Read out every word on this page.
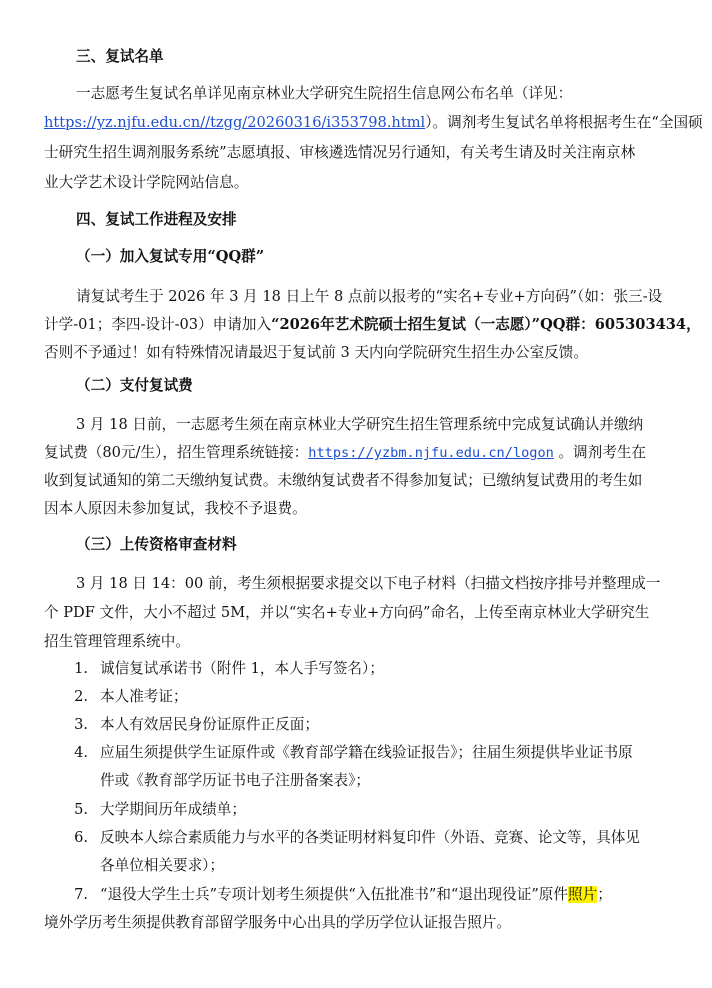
三、复试名单
一志愿考生复试名单详见南京林业大学研究生院招生信息网公布名单（详见：
https://yz.njfu.edu.cn//tzgg/20260316/i353798.html）。调剂考生复试名单将根据考生在“全国硕
士研究生招生调剂服务系统”志愿填报、审核遴选情况另行通知，有关考生请及时关注南京林
业大学艺术设计学院网站信息。
四、复试工作进程及安排
（一）加入复试专用“QQ群”
请复试考生于 2026 年 3 月 18 日上午 8 点前以报考的“实名+专业+方向码”（如：张三-设
计学-01；李四-设计-03）申请加入“2026年艺术院硕士招生复试（一志愿）”QQ群：605303434，
否则不予通过！如有特殊情况请最迟于复试前 3 天内向学院研究生招生办公室反馈。
（二）支付复试费
3 月 18 日前，一志愿考生须在南京林业大学研究生招生管理系统中完成复试确认并缴纳
复试费（80元/生），招生管理系统链接：https://yzbm.njfu.edu.cn/logon 。调剂考生在
收到复试通知的第二天缴纳复试费。未缴纳复试费者不得参加复试；已缴纳复试费用的考生如
因本人原因未参加复试，我校不予退费。
（三）上传资格审查材料
3 月 18 日 14：00 前，考生须根据要求提交以下电子材料（扫描文档按序排号并整理成一
个 PDF 文件，大小不超过 5M，并以“实名+专业+方向码”命名，上传至南京林业大学研究生
招生管理管理系统中。
1. 诚信复试承诺书（附件 1，本人手写签名）；
2. 本人准考证；
3. 本人有效居民身份证原件正反面；
4. 应届生须提供学生证原件或《教育部学籍在线验证报告》；往届生须提供毕业证书原
件或《教育部学历证书电子注册备案表》；
5. 大学期间历年成绩单；
6. 反映本人综合素质能力与水平的各类证明材料复印件（外语、竞赛、论文等，具体见
各单位相关要求）；
7. “退役大学生士兵”专项计划考生须提供“入伍批准书”和“退出现役证”原件照片；
境外学历考生须提供教育部留学服务中心出具的学历学位认证报告照片。
